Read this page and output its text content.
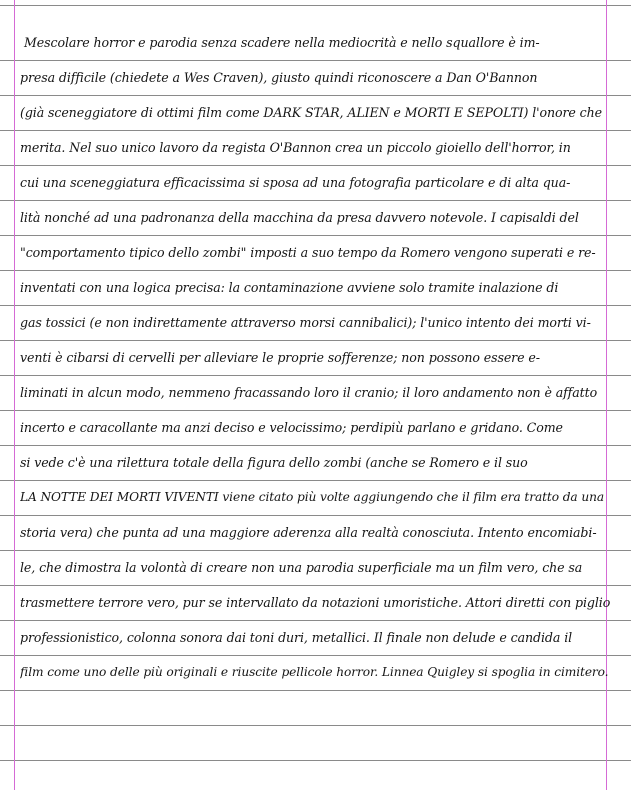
Mescolare horror e parodia senza scadere nella mediocrità e nello squallore è im-
presa difficile (chiedete a Wes Craven), giusto quindi riconoscere a Dan O'Bannon
(già sceneggiatore di ottimi film come DARK STAR, ALIEN e MORTI E SEPOLTI) l'onore che
merita. Nel suo unico lavoro da regista O'Bannon crea un piccolo gioiello dell'horror, in
cui una sceneggiatura efficacissima si sposa ad una fotografia particolare e di alta qua-
lità nonché ad una padronanza della macchina da presa davvero notevole. I capisaldi del
"comportamento tipico dello zombi" imposti a suo tempo da Romero vengono superati e re-
inventati con una logica precisa: la contaminazione avviene solo tramite inalazione di
gas tossici (e non indirettamente attraverso morsi cannibalici); l'unico intento dei morti vi-
venti è cibarsi di cervelli per alleviare le proprie sofferenze; non possono essere e-
liminati in alcun modo, nemmeno fracassando loro il cranio; il loro andamento non è affatto
incerto e caracollante ma anzi deciso e velocissimo; perdipiù parlano e gridano. Come
si vede c'è una rilettura totale della figura dello zombi (anche se Romero e il suo
LA NOTTE DEI MORTI VIVENTI viene citato più volte aggiungendo che il film era tratto da una
storia vera) che punta ad una maggiore aderenza alla realtà conosciuta. Intento encomiabi-
le, che dimostra la volontà di creare non una parodia superficiale ma un film vero, che sa
trasmettere terrore vero, pur se intervallato da notazioni umoristiche. Attori diretti con piglio
professionistico, colonna sonora dai toni duri, metallici. Il finale non delude e candida il
film come uno delle più originali e riuscite pellicole horror. Linnea Quigley si spoglia in cimitero.
